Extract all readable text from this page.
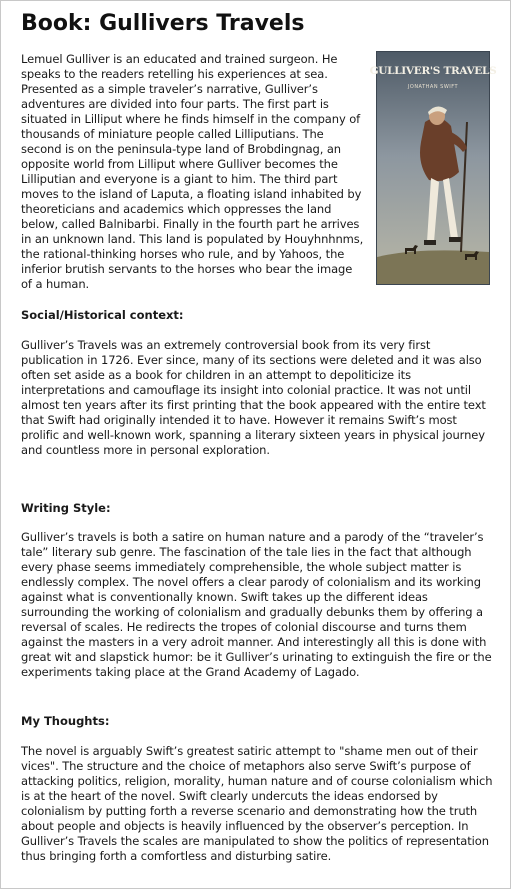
Book: Gullivers Travels

Lemuel Gulliver is an educated and trained surgeon. He speaks to the readers retelling his experiences at sea. Presented as a simple traveler’s narrative, Gulliver’s adventures are divided into four parts. The first part is situated in Lilliput where he finds himself in the company of thousands of miniature people called Lilliputians. The second is on the peninsula-type land of Brobdingnag, an opposite world from Lilliput where Gulliver becomes the Lilliputian and everyone is a giant to him. The third part moves to the island of Laputa, a floating island inhabited by theoreticians and academics which oppresses the land below, called Balnibarbi. Finally in the fourth part he arrives in an unknown land. This land is populated by Houyhnhnms, the rational-thinking horses who rule, and by Yahoos, the inferior brutish servants to the horses who bear the image of a human.

GULLIVER'S TRAVELS
JONATHAN SWIFT

Social/Historical context:

Gulliver’s Travels was an extremely controversial book from its very first publication in 1726. Ever since, many of its sections were deleted and it was also often set aside as a book for children in an attempt to depoliticize its interpretations and camouflage its insight into colonial practice. It was not until almost ten years after its first printing that the book appeared with the entire text that Swift had originally intended it to have. However it remains Swift’s most prolific and well-known work, spanning a literary sixteen years in physical journey and countless more in personal exploration.

Writing Style:

Gulliver’s travels is both a satire on human nature and a parody of the “traveler’s tale” literary sub genre. The fascination of the tale lies in the fact that although every phase seems immediately comprehensible, the whole subject matter is endlessly complex. The novel offers a clear parody of colonialism and its working against what is conventionally known. Swift takes up the different ideas surrounding the working of colonialism and gradually debunks them by offering a reversal of scales. He redirects the tropes of colonial discourse and turns them against the masters in a very adroit manner. And interestingly all this is done with great wit and slapstick humor: be it Gulliver’s urinating to extinguish the fire or the experiments taking place at the Grand Academy of Lagado.

My Thoughts:

The novel is arguably Swift’s greatest satiric attempt to "shame men out of their vices". The structure and the choice of metaphors also serve Swift’s purpose of attacking politics, religion, morality, human nature and of course colonialism which is at the heart of the novel. Swift clearly undercuts the ideas endorsed by colonialism by putting forth a reverse scenario and demonstrating how the truth about people and objects is heavily influenced by the observer’s perception. In Gulliver’s Travels the scales are manipulated to show the politics of representation thus bringing forth a comfortless and disturbing satire.
